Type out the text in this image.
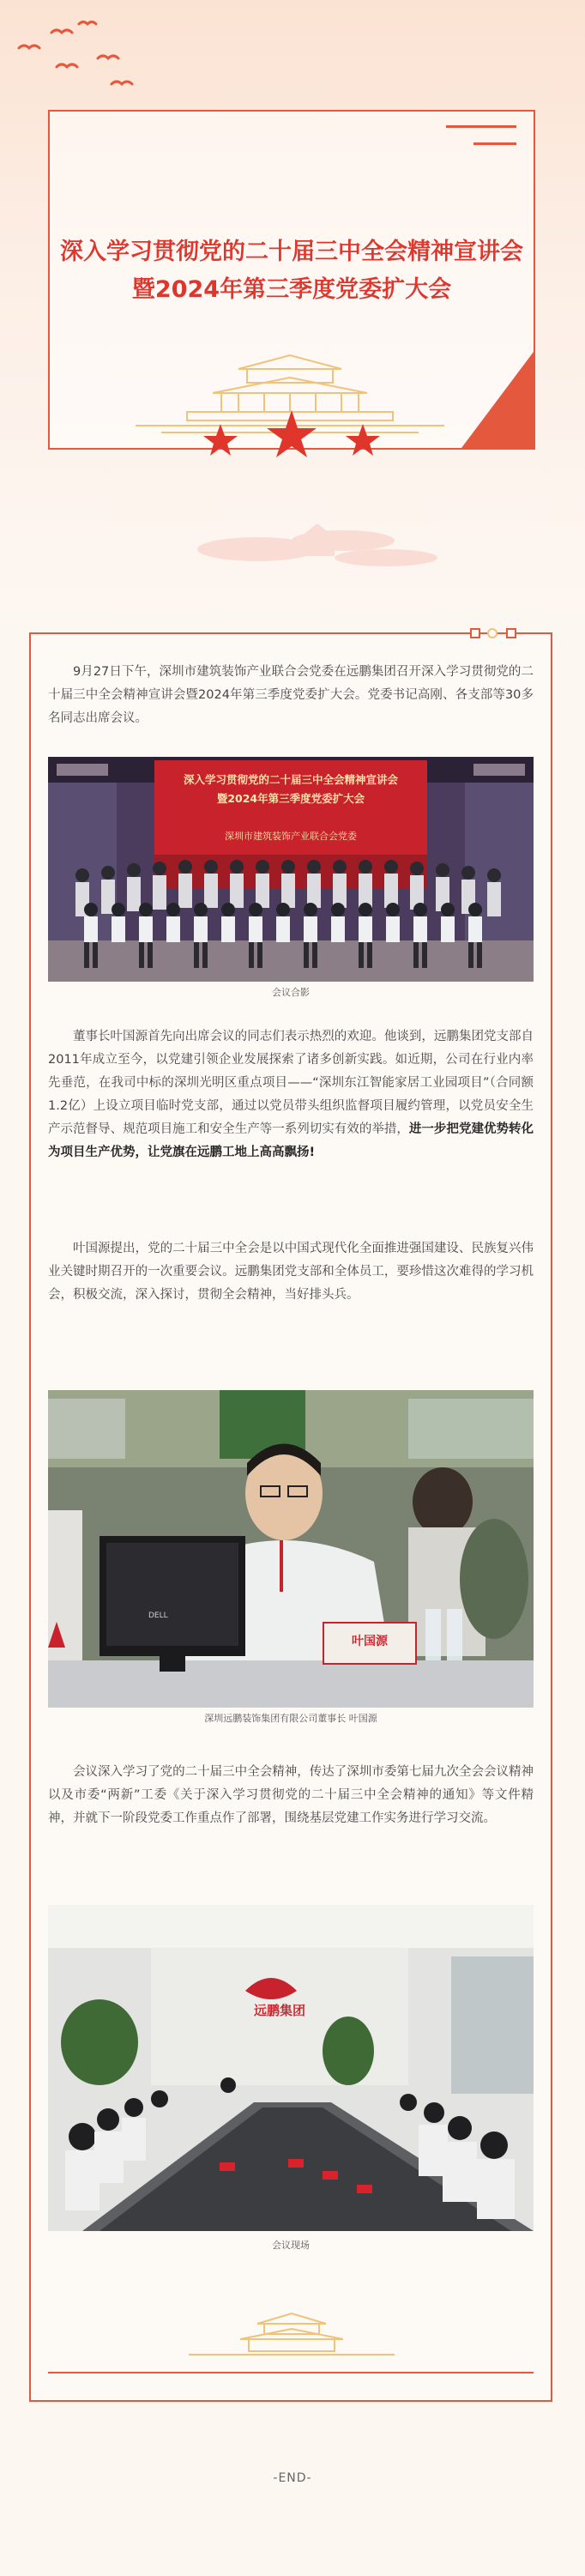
深入学习贯彻党的二十届三中全会精神宣讲会
暨2024年第三季度党委扩大会

9月27日下午，深圳市建筑装饰产业联合会党委在远鹏集团召开深入学习贯彻党的二十届三中全会精神宣讲会暨2024年第三季度党委扩大会。党委书记高刚、各支部等30多名同志出席会议。

深入学习贯彻党的二十届三中全会精神宣讲会
暨2024年第三季度党委扩大会
深圳市建筑装饰产业联合会党委
会议合影

董事长叶国源首先向出席会议的同志们表示热烈的欢迎。他谈到，远鹏集团党支部自2011年成立至今，以党建引领企业发展探索了诸多创新实践。如近期，公司在行业内率先垂范，在我司中标的深圳光明区重点项目——“深圳东江智能家居工业园项目”（合同额1.2亿）上设立项目临时党支部，通过以党员带头组织监督项目履约管理，以党员安全生产示范督导、规范项目施工和安全生产等一系列切实有效的举措，进一步把党建优势转化为项目生产优势，让党旗在远鹏工地上高高飘扬!

叶国源提出，党的二十届三中全会是以中国式现代化全面推进强国建设、民族复兴伟业关键时期召开的一次重要会议。远鹏集团党支部和全体员工，要珍惜这次难得的学习机会，积极交流，深入探讨，贯彻全会精神，当好排头兵。

DELL
叶国源
深圳远鹏装饰集团有限公司董事长 叶国源

会议深入学习了党的二十届三中全会精神，传达了深圳市委第七届九次全会会议精神以及市委“两新”工委《关于深入学习贯彻党的二十届三中全会精神的通知》等文件精神，并就下一阶段党委工作重点作了部署，围绕基层党建工作实务进行学习交流。

远鹏集团
会议现场
-END-
